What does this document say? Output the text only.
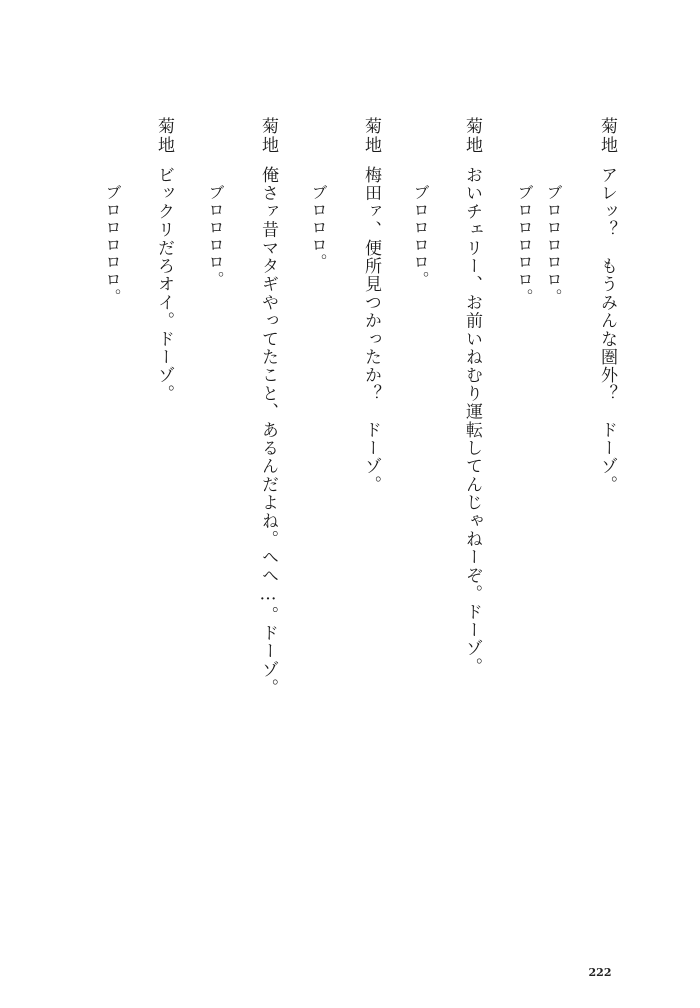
菊地
アレッ？　もうみんな圏外？　ドーゾ。
ブロロロロロ。
ブロロロロロ。
菊地
おいチェリー、お前いねむり運転してんじゃねーぞ。ドーゾ。
ブロロロロ。
菊地
梅田ァ、便所見つかったか？　ドーゾ。
ブロロロ。
菊地
俺さァ昔マタギやってたこと、あるんだよね。へへ…。ドーゾ。
ブロロロロ。
菊地
ビックリだろオイ。ドーゾ。
ブロロロロロ。
222
